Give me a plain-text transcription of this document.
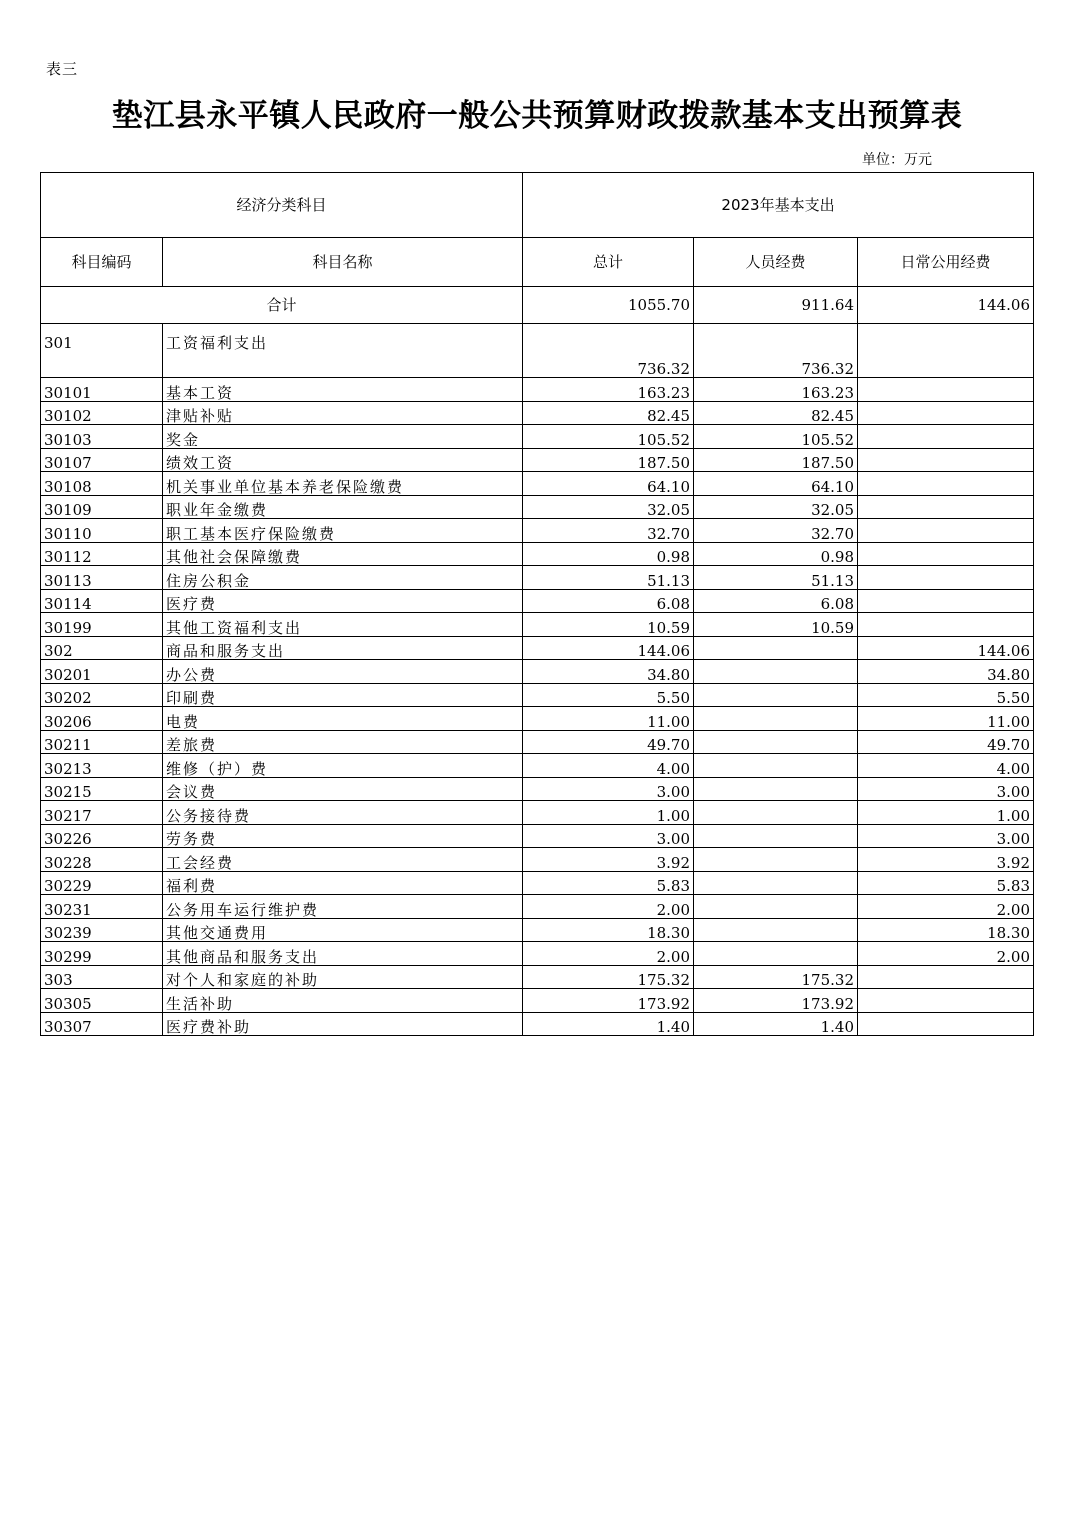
表三
垫江县永平镇人民政府一般公共预算财政拨款基本支出预算表
单位：万元
经济分类科目		2023年基本支出		
科目编码	科目名称	总计	人员经费	日常公用经费
合计		1055.70	911.64	144.06
301	工资福利支出	736.32	736.32	
30101	基本工资	163.23	163.23	
30102	津贴补贴	82.45	82.45	
30103	奖金	105.52	105.52	
30107	绩效工资	187.50	187.50	
30108	机关事业单位基本养老保险缴费	64.10	64.10	
30109	职业年金缴费	32.05	32.05	
30110	职工基本医疗保险缴费	32.70	32.70	
30112	其他社会保障缴费	0.98	0.98	
30113	住房公积金	51.13	51.13	
30114	医疗费	6.08	6.08	
30199	其他工资福利支出	10.59	10.59	
302	商品和服务支出	144.06		144.06
30201	办公费	34.80		34.80
30202	印刷费	5.50		5.50
30206	电费	11.00		11.00
30211	差旅费	49.70		49.70
30213	维修（护）费	4.00		4.00
30215	会议费	3.00		3.00
30217	公务接待费	1.00		1.00
30226	劳务费	3.00		3.00
30228	工会经费	3.92		3.92
30229	福利费	5.83		5.83
30231	公务用车运行维护费	2.00		2.00
30239	其他交通费用	18.30		18.30
30299	其他商品和服务支出	2.00		2.00
303	对个人和家庭的补助	175.32	175.32	
30305	生活补助	173.92	173.92	
30307	医疗费补助	1.40	1.40	
